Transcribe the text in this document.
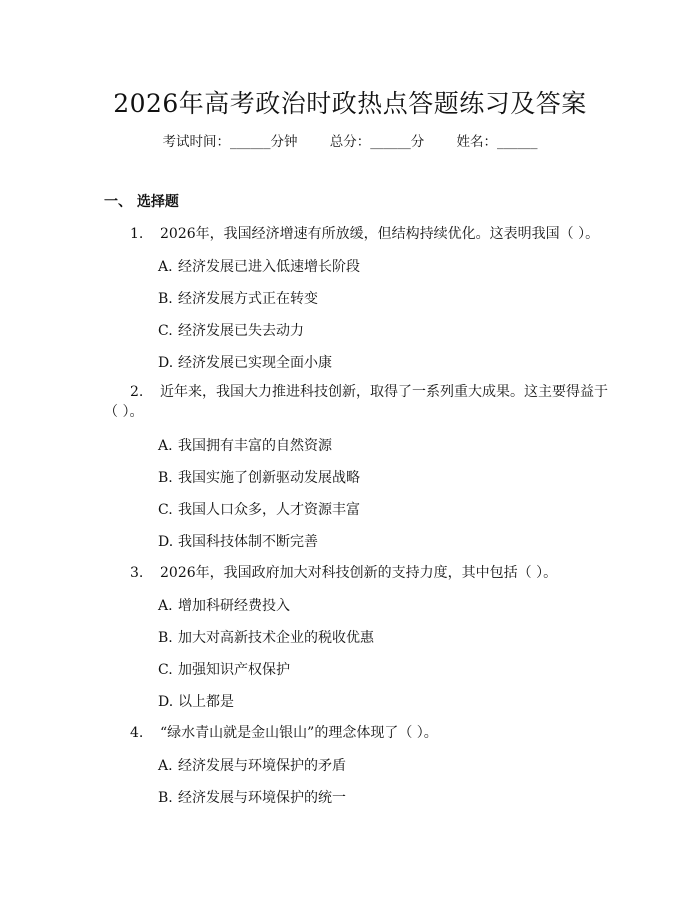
2026年高考政治时政热点答题练习及答案
考试时间：______分钟 总分：______分 姓名：______
一、 选择题
1. 2026年，我国经济增速有所放缓，但结构持续优化。这表明我国（ ）。
A. 经济发展已进入低速增长阶段
B. 经济发展方式正在转变
C. 经济发展已失去动力
D. 经济发展已实现全面小康
2. 近年来，我国大力推进科技创新，取得了一系列重大成果。这主要得益于
（ ）。
A. 我国拥有丰富的自然资源
B. 我国实施了创新驱动发展战略
C. 我国人口众多，人才资源丰富
D. 我国科技体制不断完善
3. 2026年，我国政府加大对科技创新的支持力度，其中包括（ ）。
A. 增加科研经费投入
B. 加大对高新技术企业的税收优惠
C. 加强知识产权保护
D. 以上都是
4. “绿水青山就是金山银山”的理念体现了（ ）。
A. 经济发展与环境保护的矛盾
B. 经济发展与环境保护的统一
